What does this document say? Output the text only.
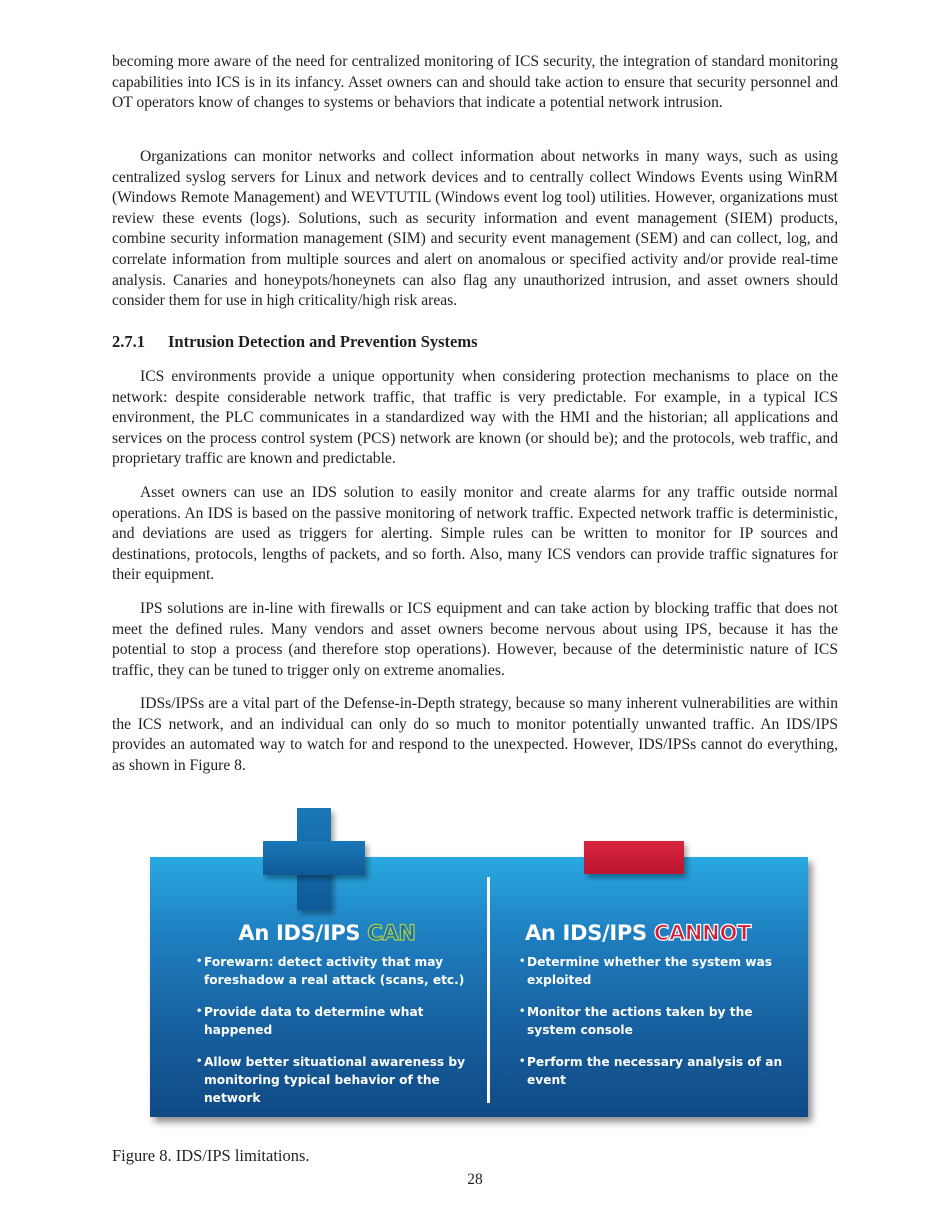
becoming more aware of the need for centralized monitoring of ICS security, the integration of standard monitoring capabilities into ICS is in its infancy. Asset owners can and should take action to ensure that security personnel and OT operators know of changes to systems or behaviors that indicate a potential network intrusion.

Organizations can monitor networks and collect information about networks in many ways, such as using centralized syslog servers for Linux and network devices and to centrally collect Windows Events using WinRM (Windows Remote Management) and WEVTUTIL (Windows event log tool) utilities. However, organizations must review these events (logs). Solutions, such as security information and event management (SIEM) products, combine security information management (SIM) and security event management (SEM) and can collect, log, and correlate information from multiple sources and alert on anomalous or specified activity and/or provide real-time analysis. Canaries and honeypots/honeynets can also flag any unauthorized intrusion, and asset owners should consider them for use in high criticality/high risk areas.

2.7.1 Intrusion Detection and Prevention Systems

ICS environments provide a unique opportunity when considering protection mechanisms to place on the network: despite considerable network traffic, that traffic is very predictable. For example, in a typical ICS environment, the PLC communicates in a standardized way with the HMI and the historian; all applications and services on the process control system (PCS) network are known (or should be); and the protocols, web traffic, and proprietary traffic are known and predictable.

Asset owners can use an IDS solution to easily monitor and create alarms for any traffic outside normal operations. An IDS is based on the passive monitoring of network traffic. Expected network traffic is deterministic, and deviations are used as triggers for alerting. Simple rules can be written to monitor for IP sources and destinations, protocols, lengths of packets, and so forth. Also, many ICS vendors can provide traffic signatures for their equipment.

IPS solutions are in-line with firewalls or ICS equipment and can take action by blocking traffic that does not meet the defined rules. Many vendors and asset owners become nervous about using IPS, because it has the potential to stop a process (and therefore stop operations). However, because of the deterministic nature of ICS traffic, they can be tuned to trigger only on extreme anomalies.

IDSs/IPSs are a vital part of the Defense-in-Depth strategy, because so many inherent vulnerabilities are within the ICS network, and an individual can only do so much to monitor potentially unwanted traffic. An IDS/IPS provides an automated way to watch for and respond to the unexpected. However, IDS/IPSs cannot do everything, as shown in Figure 8.

An IDS/IPS CAN
• Forewarn: detect activity that may foreshadow a real attack (scans, etc.)
• Provide data to determine what happened
• Allow better situational awareness by monitoring typical behavior of the network
An IDS/IPS CANNOT
• Determine whether the system was exploited
• Monitor the actions taken by the system console
• Perform the necessary analysis of an event

Figure 8. IDS/IPS limitations.

28
